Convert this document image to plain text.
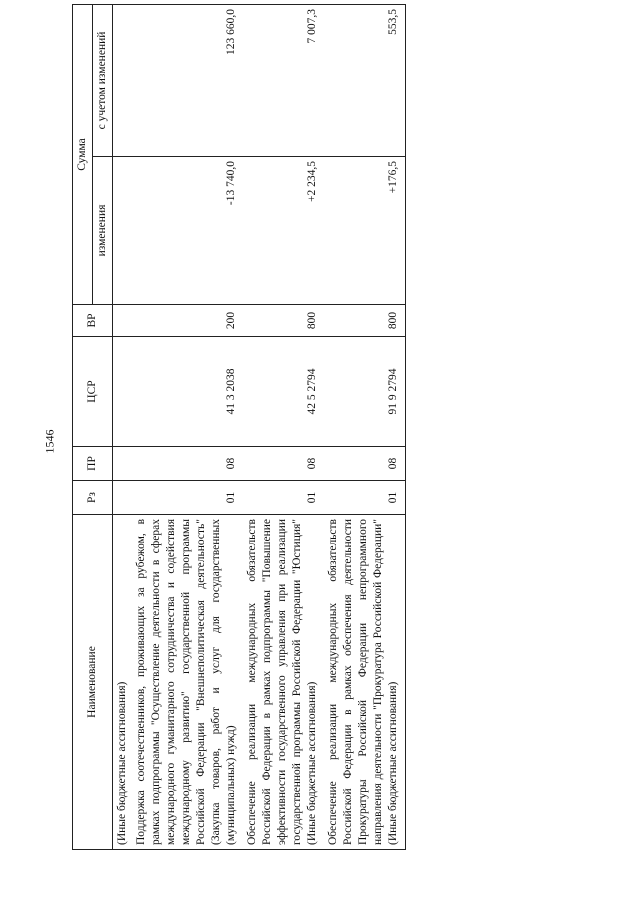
1546
Наименование	Рз	ПР	ЦСР	ВР	Сумма	
					изменения	с учетом изменений
(Иные бюджетные ассигнования)						
Поддержка соотечественников, проживающих за рубежом, в рамках подпрограммы "Осуществление деятельности в сферах международного гуманитарного сотрудничества и содействия международному развитию" государственной программы Российской Федерации "Внешнеполитическая деятельность" (Закупка товаров, работ и услуг для государственных (муниципальных) нужд)	01	08	41 3 2038	200	-13 740,0	123 660,0
Обеспечение реализации международных обязательств Российской Федерации в рамках подпрограммы "Повышение эффективности государственного управления при реализации государственной программы Российской Федерации "Юстиция" (Иные бюджетные ассигнования)	01	08	42 5 2794	800	+2 234,5	7 007,3
Обеспечение реализации международных обязательств Российской Федерации в рамках обеспечения деятельности Прокуратуры Российской Федерации непрограммного направления деятельности "Прокуратура Российской Федерации" (Иные бюджетные ассигнования)	01	08	91 9 2794	800	+176,5	553,5
